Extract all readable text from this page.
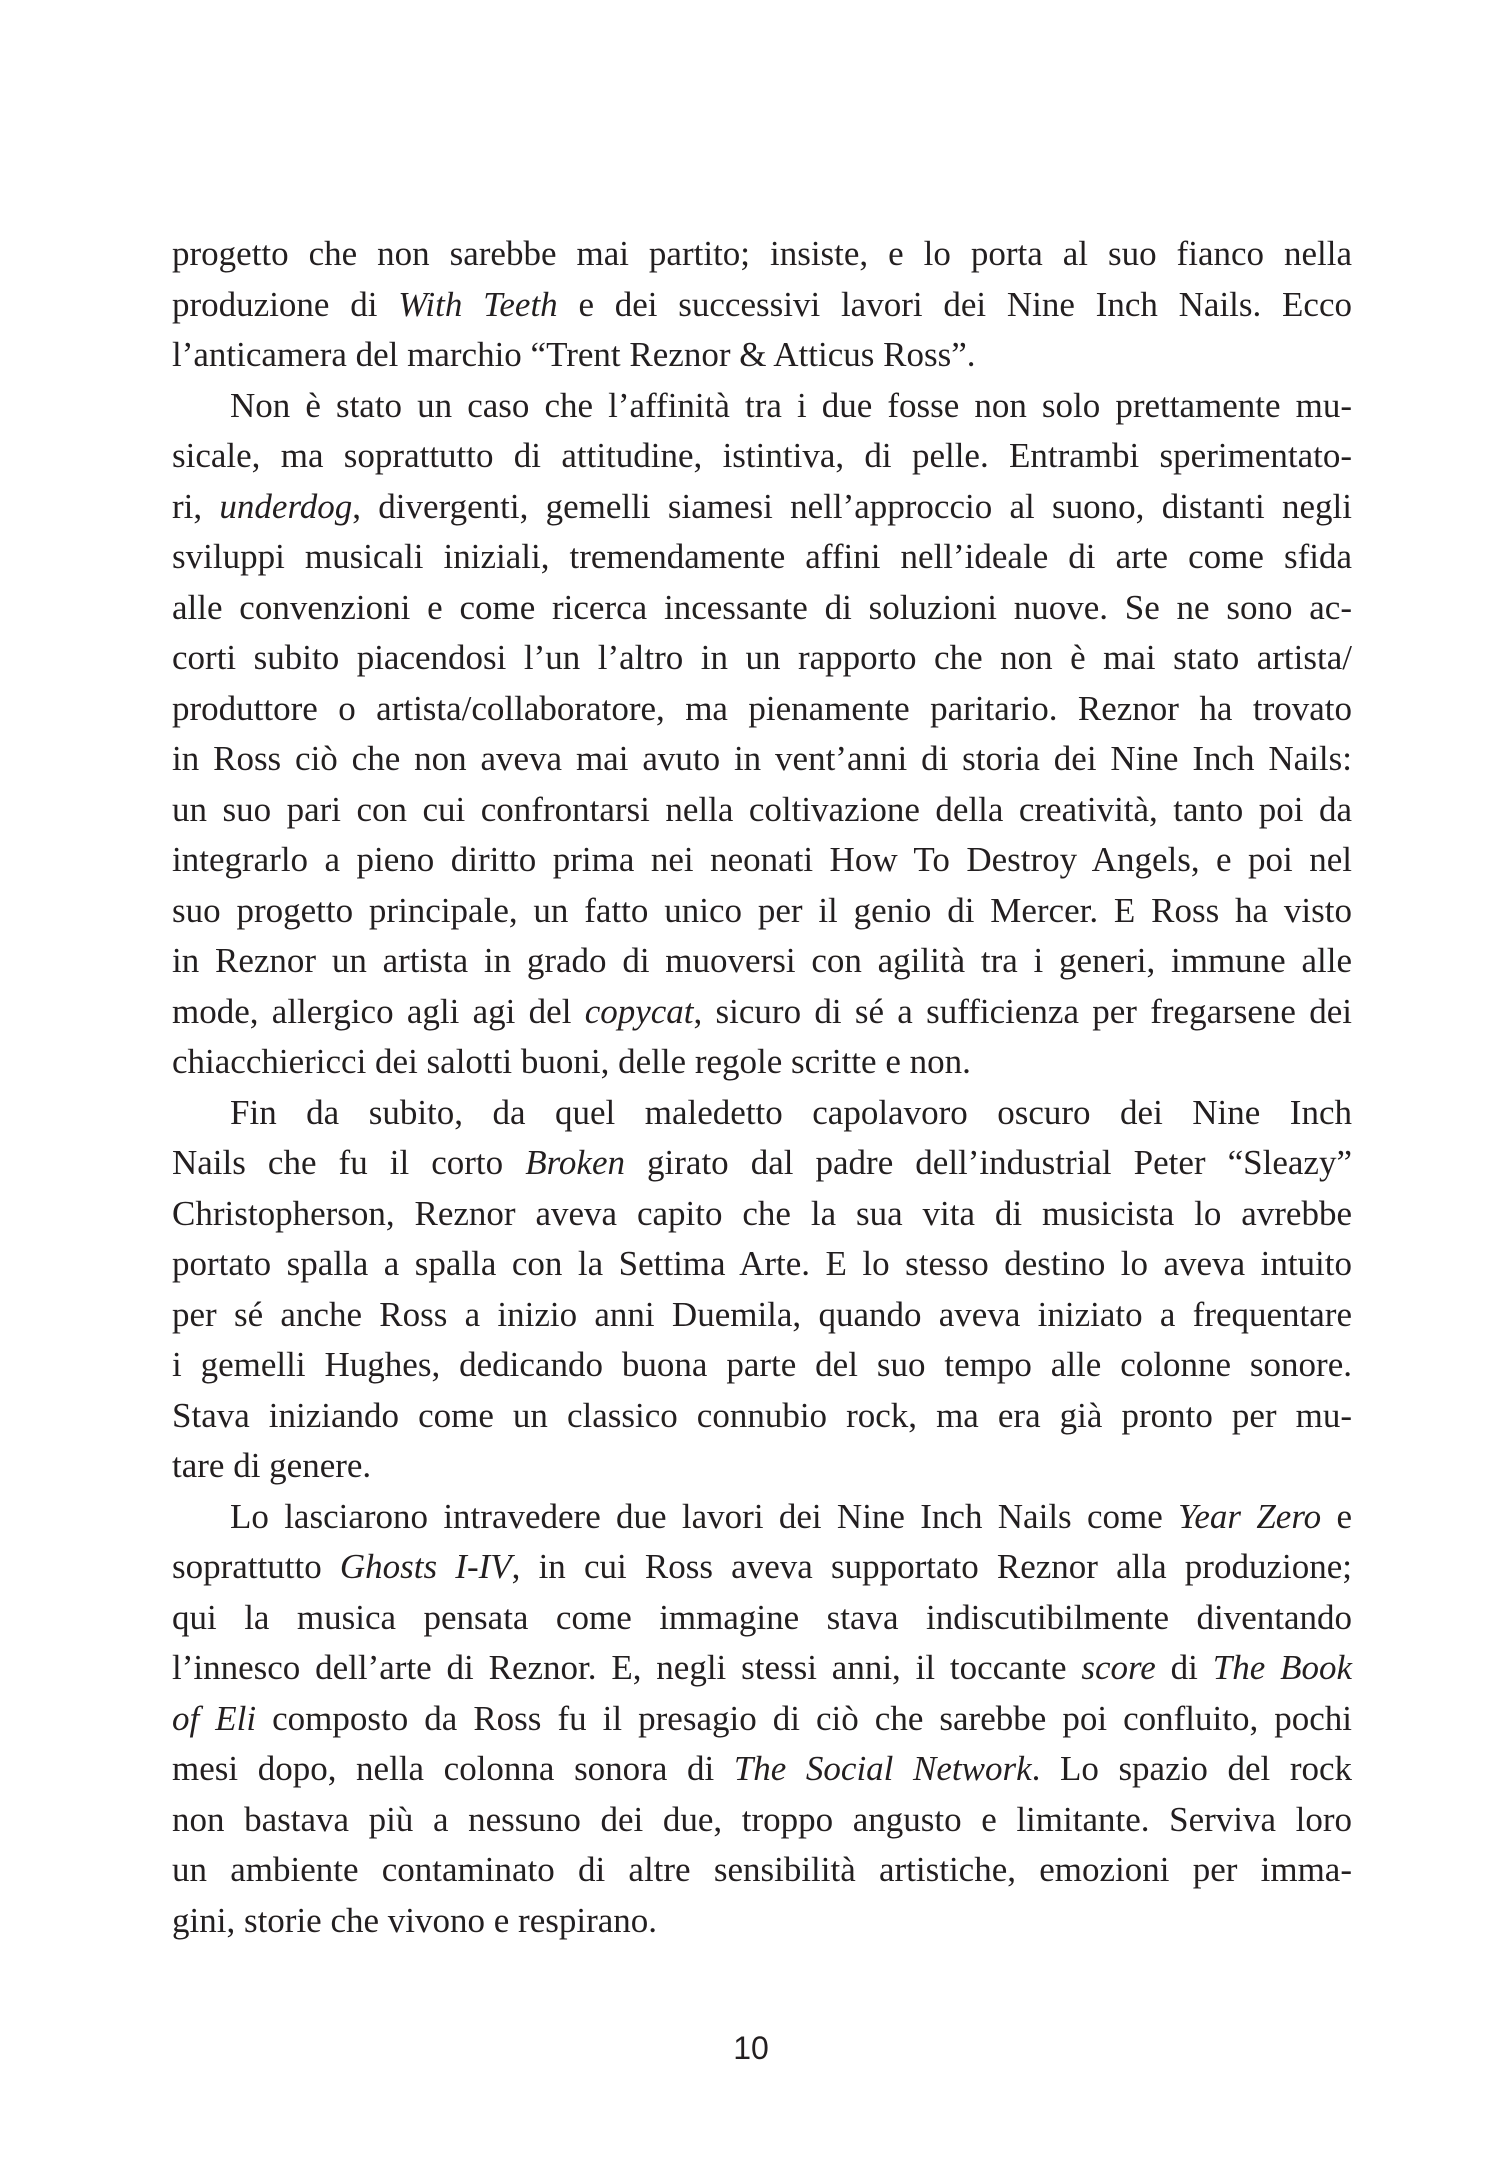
progetto che non sarebbe mai partito; insiste, e lo porta al suo fianco nella
produzione di With Teeth e dei successivi lavori dei Nine Inch Nails. Ecco
l’anticamera del marchio “Trent Reznor & Atticus Ross”.
Non è stato un caso che l’affinità tra i due fosse non solo prettamente mu-
sicale, ma soprattutto di attitudine, istintiva, di pelle. Entrambi sperimentato-
ri, underdog, divergenti, gemelli siamesi nell’approccio al suono, distanti negli
sviluppi musicali iniziali, tremendamente affini nell’ideale di arte come sfida
alle convenzioni e come ricerca incessante di soluzioni nuove. Se ne sono ac-
corti subito piacendosi l’un l’altro in un rapporto che non è mai stato artista/
produttore o artista/collaboratore, ma pienamente paritario. Reznor ha trovato
in Ross ciò che non aveva mai avuto in vent’anni di storia dei Nine Inch Nails:
un suo pari con cui confrontarsi nella coltivazione della creatività, tanto poi da
integrarlo a pieno diritto prima nei neonati How To Destroy Angels, e poi nel
suo progetto principale, un fatto unico per il genio di Mercer. E Ross ha visto
in Reznor un artista in grado di muoversi con agilità tra i generi, immune alle
mode, allergico agli agi del copycat, sicuro di sé a sufficienza per fregarsene dei
chiacchiericci dei salotti buoni, delle regole scritte e non.
Fin da subito, da quel maledetto capolavoro oscuro dei Nine Inch
Nails che fu il corto Broken girato dal padre dell’industrial Peter “Sleazy”
Christopherson, Reznor aveva capito che la sua vita di musicista lo avrebbe
portato spalla a spalla con la Settima Arte. E lo stesso destino lo aveva intuito
per sé anche Ross a inizio anni Duemila, quando aveva iniziato a frequentare
i gemelli Hughes, dedicando buona parte del suo tempo alle colonne sonore.
Stava iniziando come un classico connubio rock, ma era già pronto per mu-
tare di genere.
Lo lasciarono intravedere due lavori dei Nine Inch Nails come Year Zero e
soprattutto Ghosts I-IV, in cui Ross aveva supportato Reznor alla produzione;
qui la musica pensata come immagine stava indiscutibilmente diventando
l’innesco dell’arte di Reznor. E, negli stessi anni, il toccante score di The Book
of Eli composto da Ross fu il presagio di ciò che sarebbe poi confluito, pochi
mesi dopo, nella colonna sonora di The Social Network. Lo spazio del rock
non bastava più a nessuno dei due, troppo angusto e limitante. Serviva loro
un ambiente contaminato di altre sensibilità artistiche, emozioni per imma-
gini, storie che vivono e respirano.
10
